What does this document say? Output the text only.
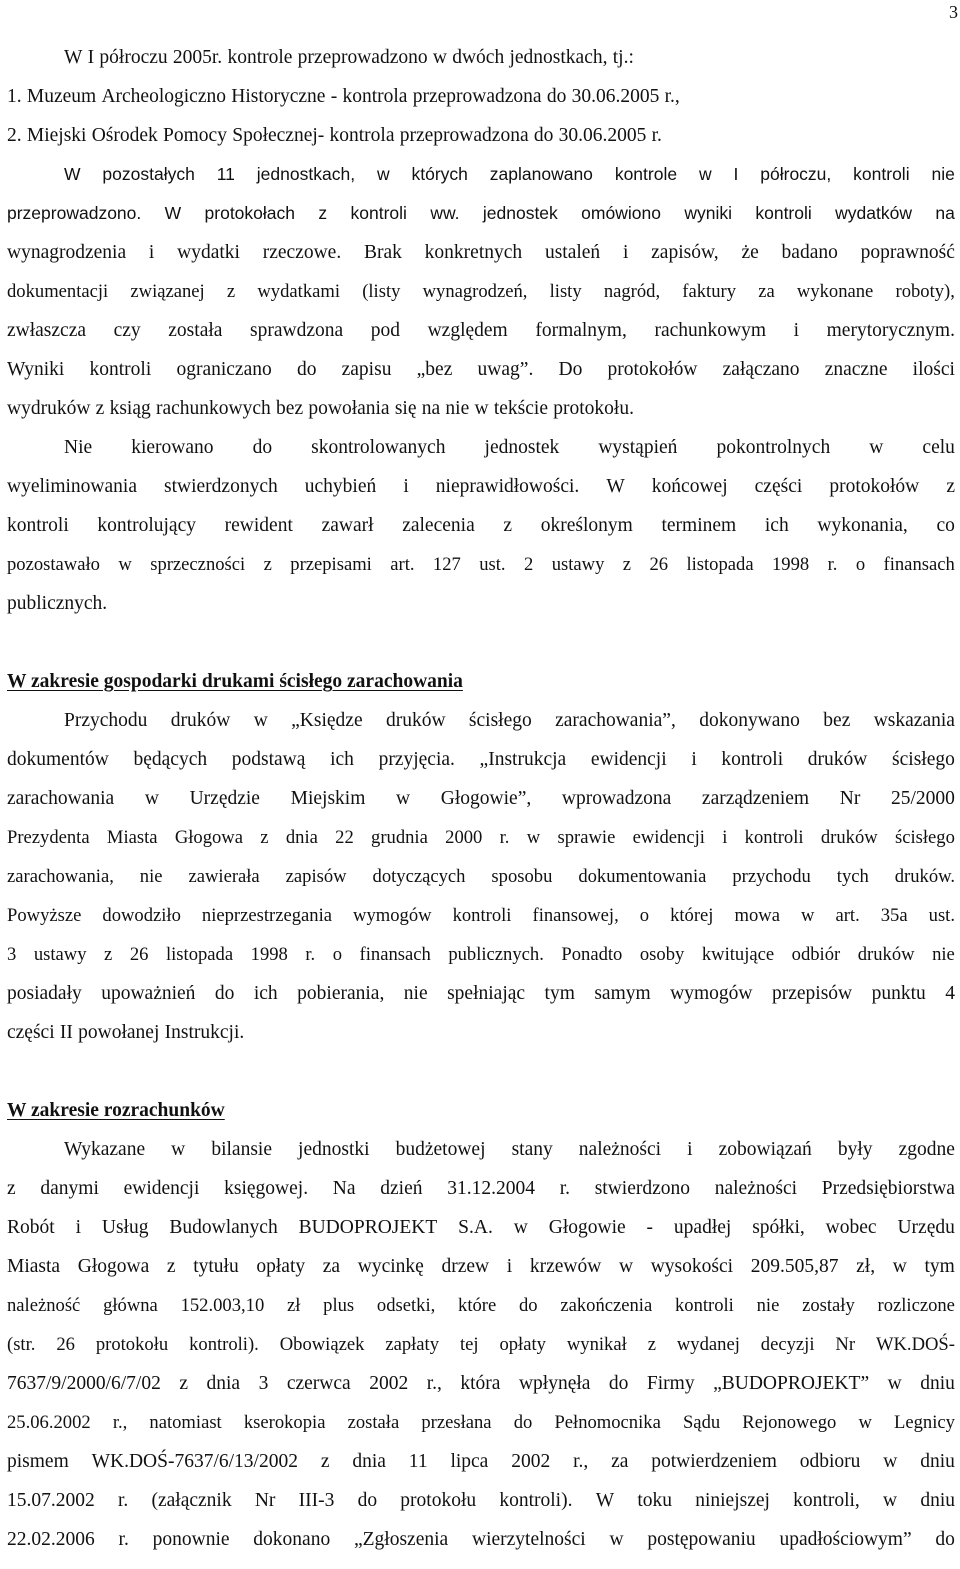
3
W I półroczu 2005r. kontrole przeprowadzono w dwóch jednostkach, tj.:
1. Muzeum Archeologiczno Historyczne - kontrola przeprowadzona do 30.06.2005 r.,
2. Miejski Ośrodek Pomocy Społecznej- kontrola przeprowadzona do 30.06.2005 r.
W pozostałych 11 jednostkach, w których zaplanowano kontrole w I półroczu, kontroli nie
przeprowadzono. W protokołach z kontroli ww. jednostek omówiono wyniki kontroli wydatków na
wynagrodzenia i wydatki rzeczowe. Brak konkretnych ustaleń i zapisów, że badano poprawność
dokumentacji związanej z wydatkami (listy wynagrodzeń, listy nagród, faktury za wykonane roboty),
zwłaszcza czy została sprawdzona pod względem formalnym, rachunkowym i merytorycznym.
Wyniki kontroli ograniczano do zapisu „bez uwag”. Do protokołów załączano znaczne ilości
wydruków z ksiąg rachunkowych bez powołania się na nie w tekście protokołu.
Nie kierowano do skontrolowanych jednostek wystąpień pokontrolnych w celu
wyeliminowania stwierdzonych uchybień i nieprawidłowości. W końcowej części protokołów z
kontroli kontrolujący rewident zawarł zalecenia z określonym terminem ich wykonania, co
pozostawało w sprzeczności z przepisami art. 127 ust. 2 ustawy z 26 listopada 1998 r. o finansach
publicznych.
W zakresie gospodarki drukami ścisłego zarachowania
Przychodu druków w „Księdze druków ścisłego zarachowania”, dokonywano bez wskazania
dokumentów będących podstawą ich przyjęcia. „Instrukcja ewidencji i kontroli druków ścisłego
zarachowania w Urzędzie Miejskim w Głogowie”, wprowadzona zarządzeniem Nr 25/2000
Prezydenta Miasta Głogowa z dnia 22 grudnia 2000 r. w sprawie ewidencji i kontroli druków ścisłego
zarachowania, nie zawierała zapisów dotyczących sposobu dokumentowania przychodu tych druków.
Powyższe dowodziło nieprzestrzegania wymogów kontroli finansowej, o której mowa w art. 35a ust.
3 ustawy z 26 listopada 1998 r. o finansach publicznych. Ponadto osoby kwitujące odbiór druków nie
posiadały upoważnień do ich pobierania, nie spełniając tym samym wymogów przepisów punktu 4
części II powołanej Instrukcji.
W zakresie rozrachunków
Wykazane w bilansie jednostki budżetowej stany należności i zobowiązań były zgodne
z danymi ewidencji księgowej. Na dzień 31.12.2004 r. stwierdzono należności Przedsiębiorstwa
Robót i Usług Budowlanych BUDOPROJEKT S.A. w Głogowie - upadłej spółki, wobec Urzędu
Miasta Głogowa z tytułu opłaty za wycinkę drzew i krzewów w wysokości 209.505,87 zł, w tym
należność główna 152.003,10 zł plus odsetki, które do zakończenia kontroli nie zostały rozliczone
(str. 26 protokołu kontroli). Obowiązek zapłaty tej opłaty wynikał z wydanej decyzji Nr WK.DOŚ-
7637/9/2000/6/7/02 z dnia 3 czerwca 2002 r., która wpłynęła do Firmy „BUDOPROJEKT” w dniu
25.06.2002 r., natomiast kserokopia została przesłana do Pełnomocnika Sądu Rejonowego w Legnicy
pismem WK.DOŚ-7637/6/13/2002 z dnia 11 lipca 2002 r., za potwierdzeniem odbioru w dniu
15.07.2002 r. (załącznik Nr III-3 do protokołu kontroli). W toku niniejszej kontroli, w dniu
22.02.2006 r. ponownie dokonano „Zgłoszenia wierzytelności w postępowaniu upadłościowym” do
